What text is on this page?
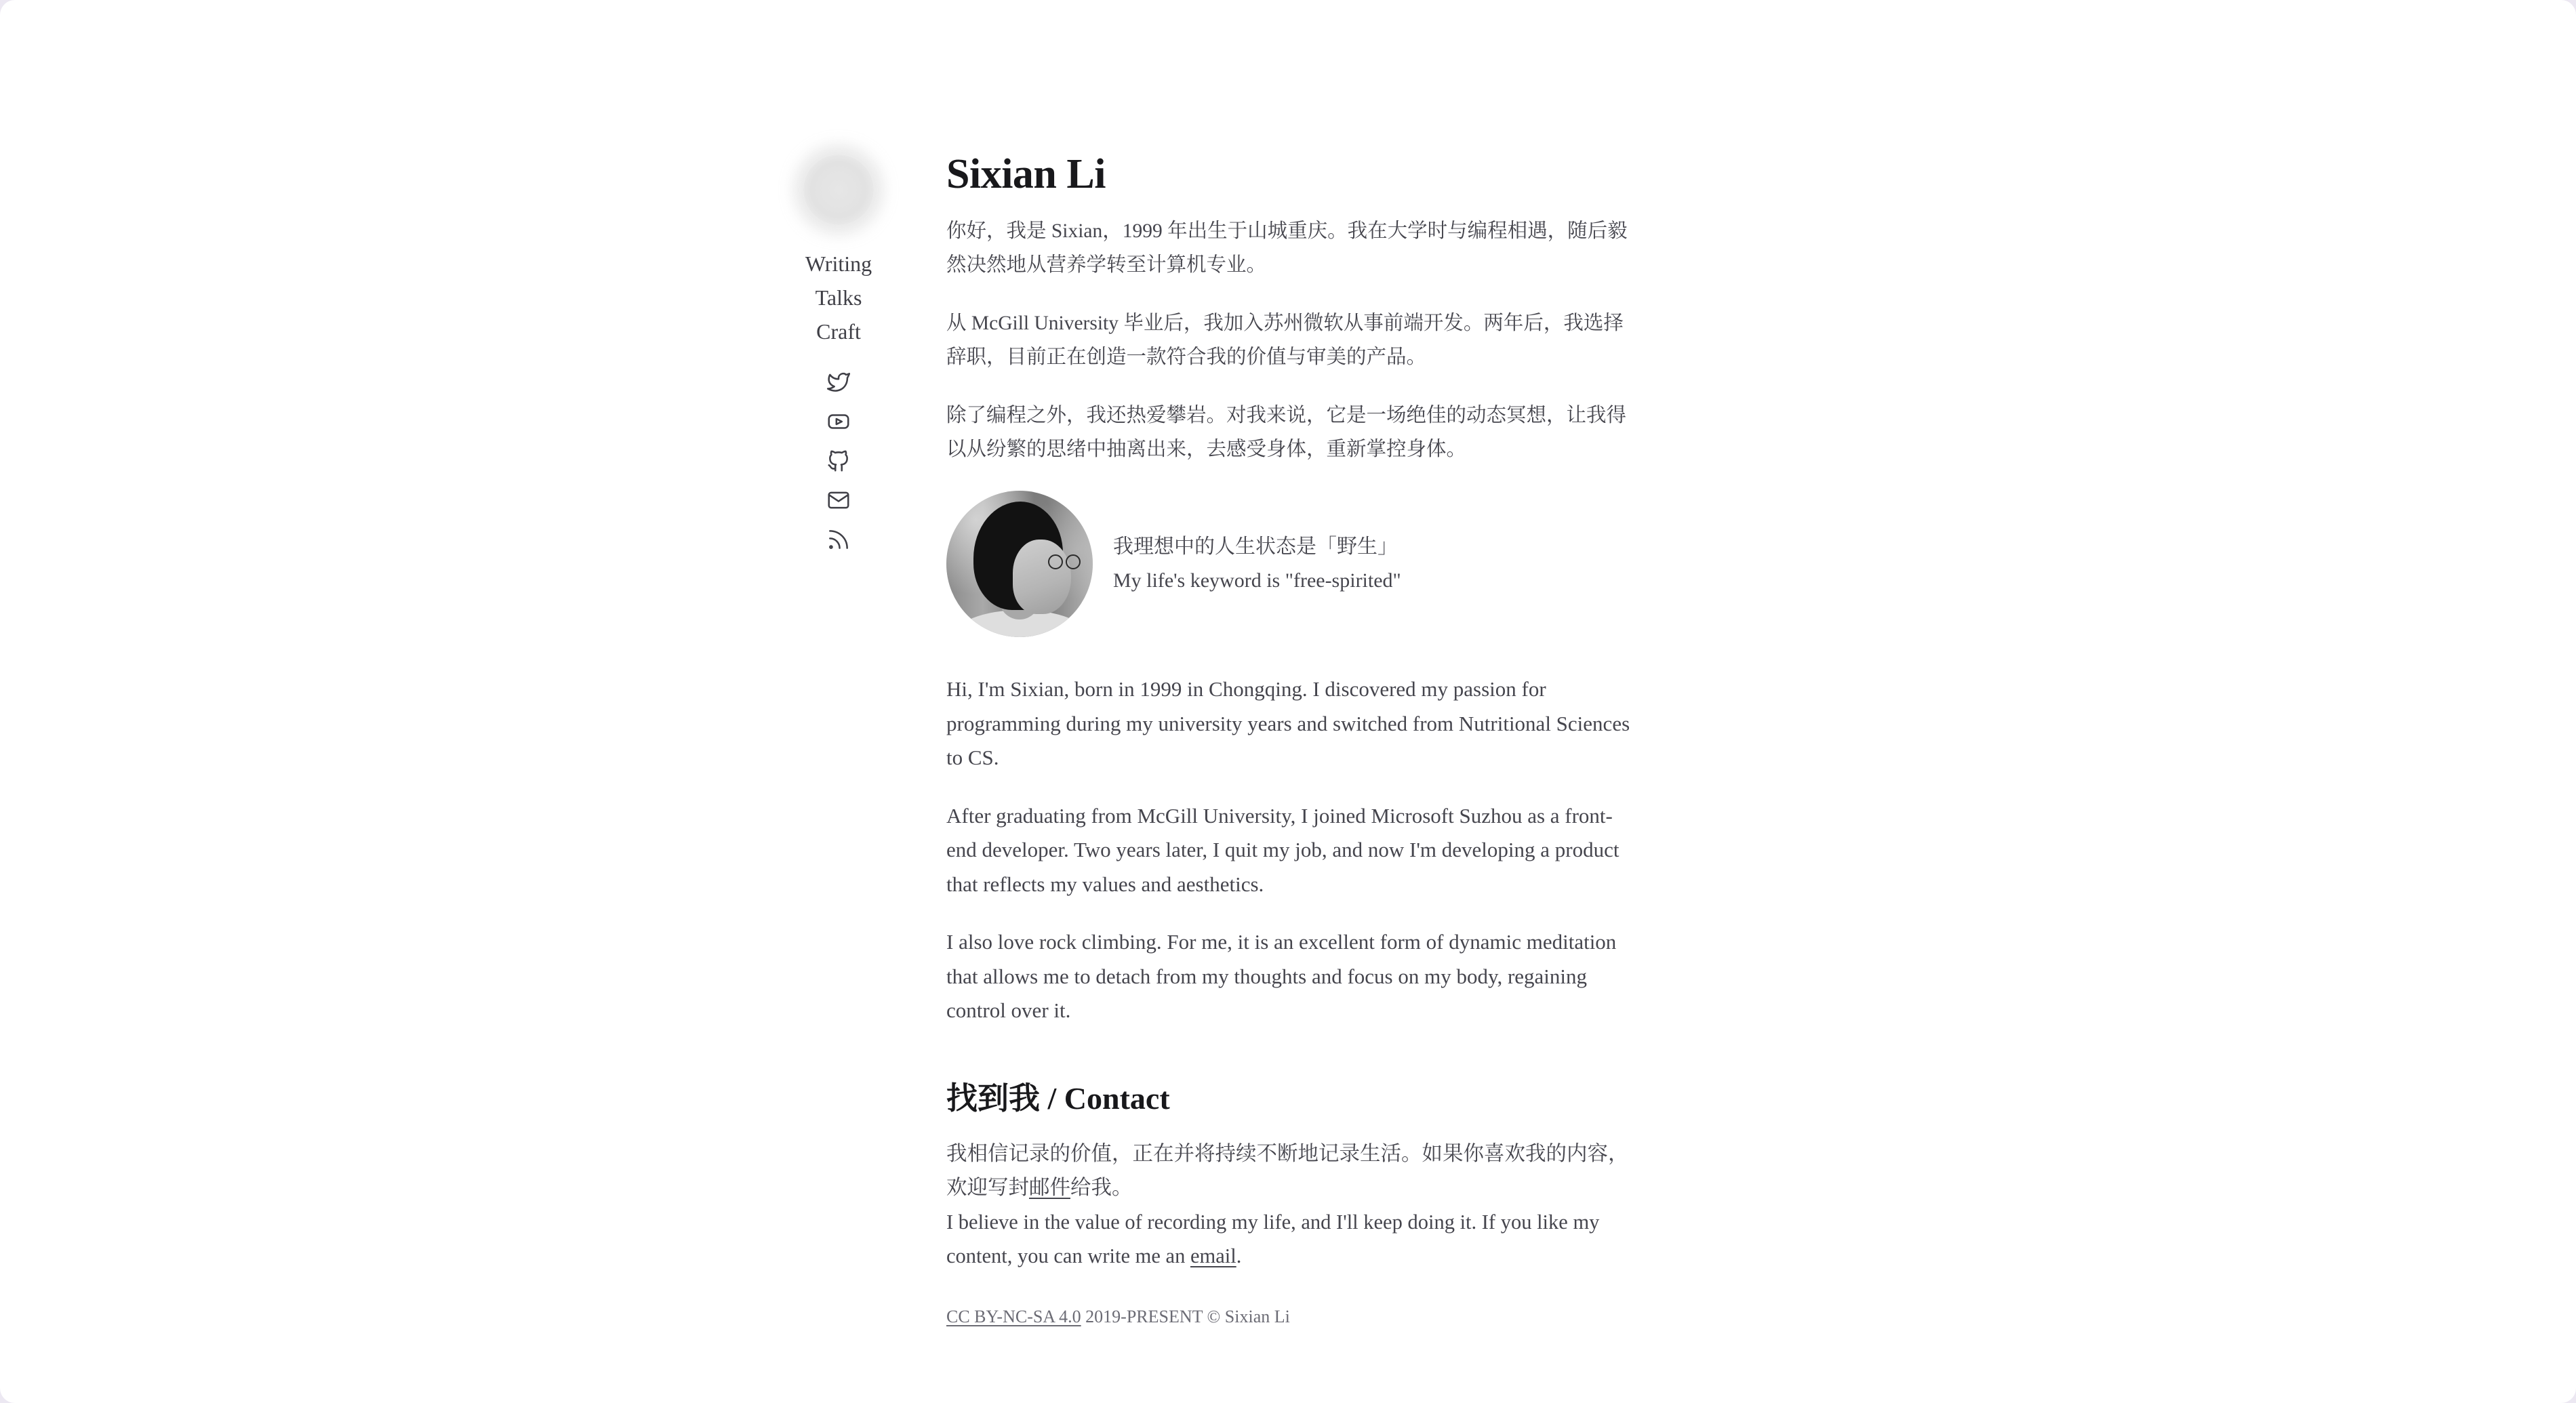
Writing
Talks
Craft
Sixian Li

你好，我是 Sixian，1999 年出生于山城重庆。我在大学时与编程相遇，随后毅然决然地从营养学转至计算机专业。

从 McGill University 毕业后，我加入苏州微软从事前端开发。两年后，我选择辞职，目前正在创造一款符合我的价值与审美的产品。

除了编程之外，我还热爱攀岩。对我来说，它是一场绝佳的动态冥想，让我得以从纷繁的思绪中抽离出来，去感受身体，重新掌控身体。

我理想中的人生状态是「野生」
My life's keyword is "free-spirited"

Hi, I'm Sixian, born in 1999 in Chongqing. I discovered my passion for programming during my university years and switched from Nutritional Sciences to CS.

After graduating from McGill University, I joined Microsoft Suzhou as a front-end developer. Two years later, I quit my job, and now I'm developing a product that reflects my values and aesthetics.

I also love rock climbing. For me, it is an excellent form of dynamic meditation that allows me to detach from my thoughts and focus on my body, regaining control over it.

找到我 / Contact

我相信记录的价值，正在并将持续不断地记录生活。如果你喜欢我的内容，欢迎写封邮件给我。
I believe in the value of recording my life, and I'll keep doing it. If you like my content, you can write me an email.

CC BY-NC-SA 4.0 2019-PRESENT © Sixian Li
